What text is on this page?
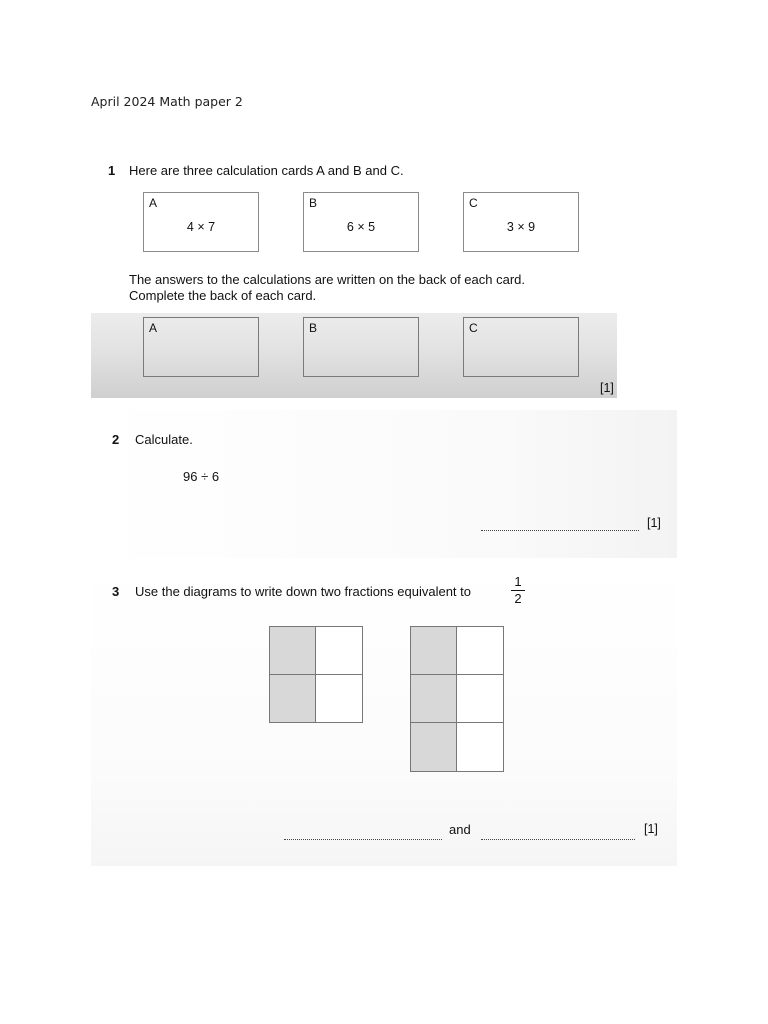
April 2024 Math paper 2
1 Here are three calculation cards A and B and C.
A
4 × 7
B
6 × 5
C
3 × 9
The answers to the calculations are written on the back of each card.
Complete the back of each card.
A	B	C
[1]
2 Calculate.
96 ÷ 6
[1]
3 Use the diagrams to write down two fractions equivalent to
1
2
and	[1]
